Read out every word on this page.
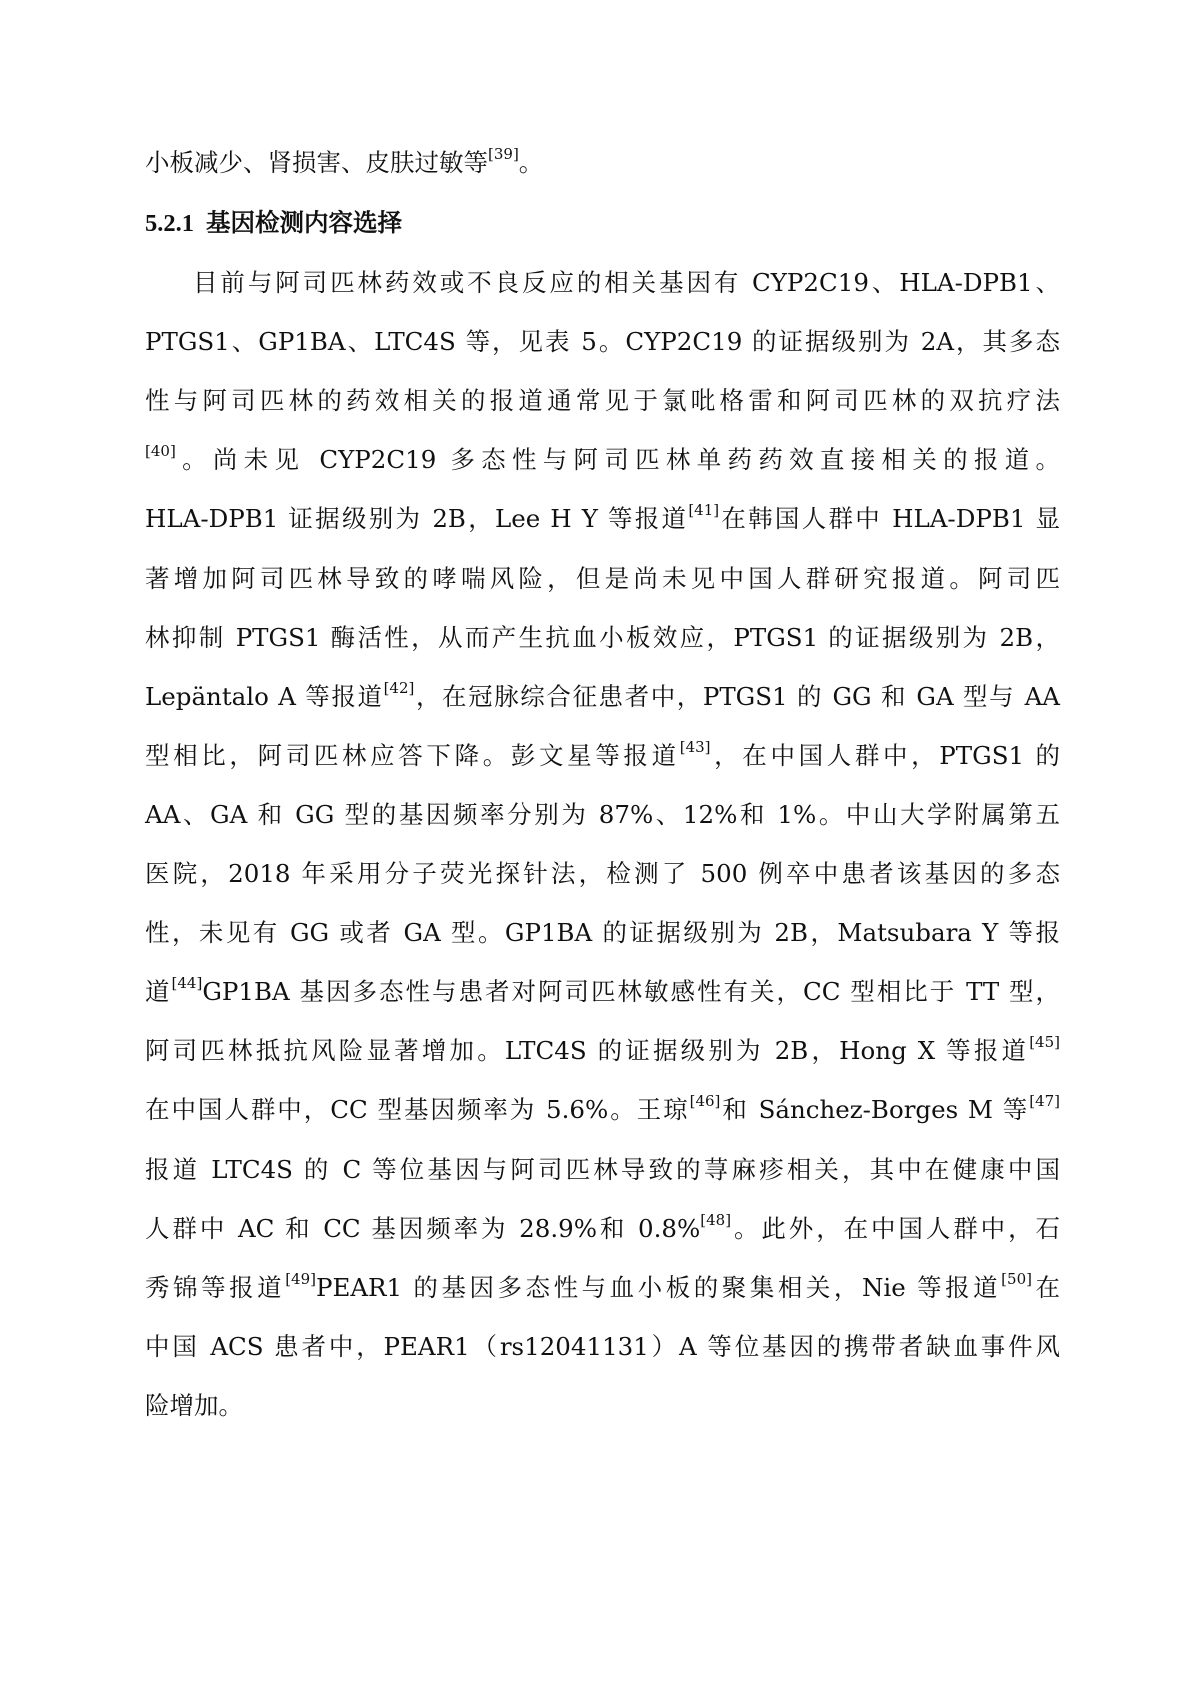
小板减少、肾损害、皮肤过敏等[39]。
5.2.1 基因检测内容选择
目前与阿司匹林药效或不良反应的相关基因有 CYP2C19、HLA-DPB1、
PTGS1、GP1BA、LTC4S 等，见表 5。CYP2C19 的证据级别为 2A，其多态
性与阿司匹林的药效相关的报道通常见于氯吡格雷和阿司匹林的双抗疗法
[40]。尚未见 CYP2C19 多态性与阿司匹林单药药效直接相关的报道。
HLA-DPB1 证据级别为 2B，Lee H Y 等报道[41]在韩国人群中 HLA-DPB1 显
著增加阿司匹林导致的哮喘风险，但是尚未见中国人群研究报道。阿司匹
林抑制 PTGS1 酶活性，从而产生抗血小板效应，PTGS1 的证据级别为 2B，
Lepäntalo A 等报道[42]，在冠脉综合征患者中，PTGS1 的 GG 和 GA 型与 AA
型相比，阿司匹林应答下降。彭文星等报道[43]，在中国人群中，PTGS1 的
AA、GA 和 GG 型的基因频率分别为 87%、12%和 1%。中山大学附属第五
医院，2018 年采用分子荧光探针法，检测了 500 例卒中患者该基因的多态
性，未见有 GG 或者 GA 型。GP1BA 的证据级别为 2B，Matsubara Y 等报
道[44]GP1BA 基因多态性与患者对阿司匹林敏感性有关，CC 型相比于 TT 型，
阿司匹林抵抗风险显著增加。LTC4S 的证据级别为 2B，Hong X 等报道[45]
在中国人群中，CC 型基因频率为 5.6%。王琼[46]和 Sánchez-Borges M 等[47]
报道 LTC4S 的 C 等位基因与阿司匹林导致的荨麻疹相关，其中在健康中国
人群中 AC 和 CC 基因频率为 28.9%和 0.8%[48]。此外，在中国人群中，石
秀锦等报道[49]PEAR1 的基因多态性与血小板的聚集相关，Nie 等报道[50]在
中国 ACS 患者中，PEAR1（rs12041131）A 等位基因的携带者缺血事件风
险增加。
